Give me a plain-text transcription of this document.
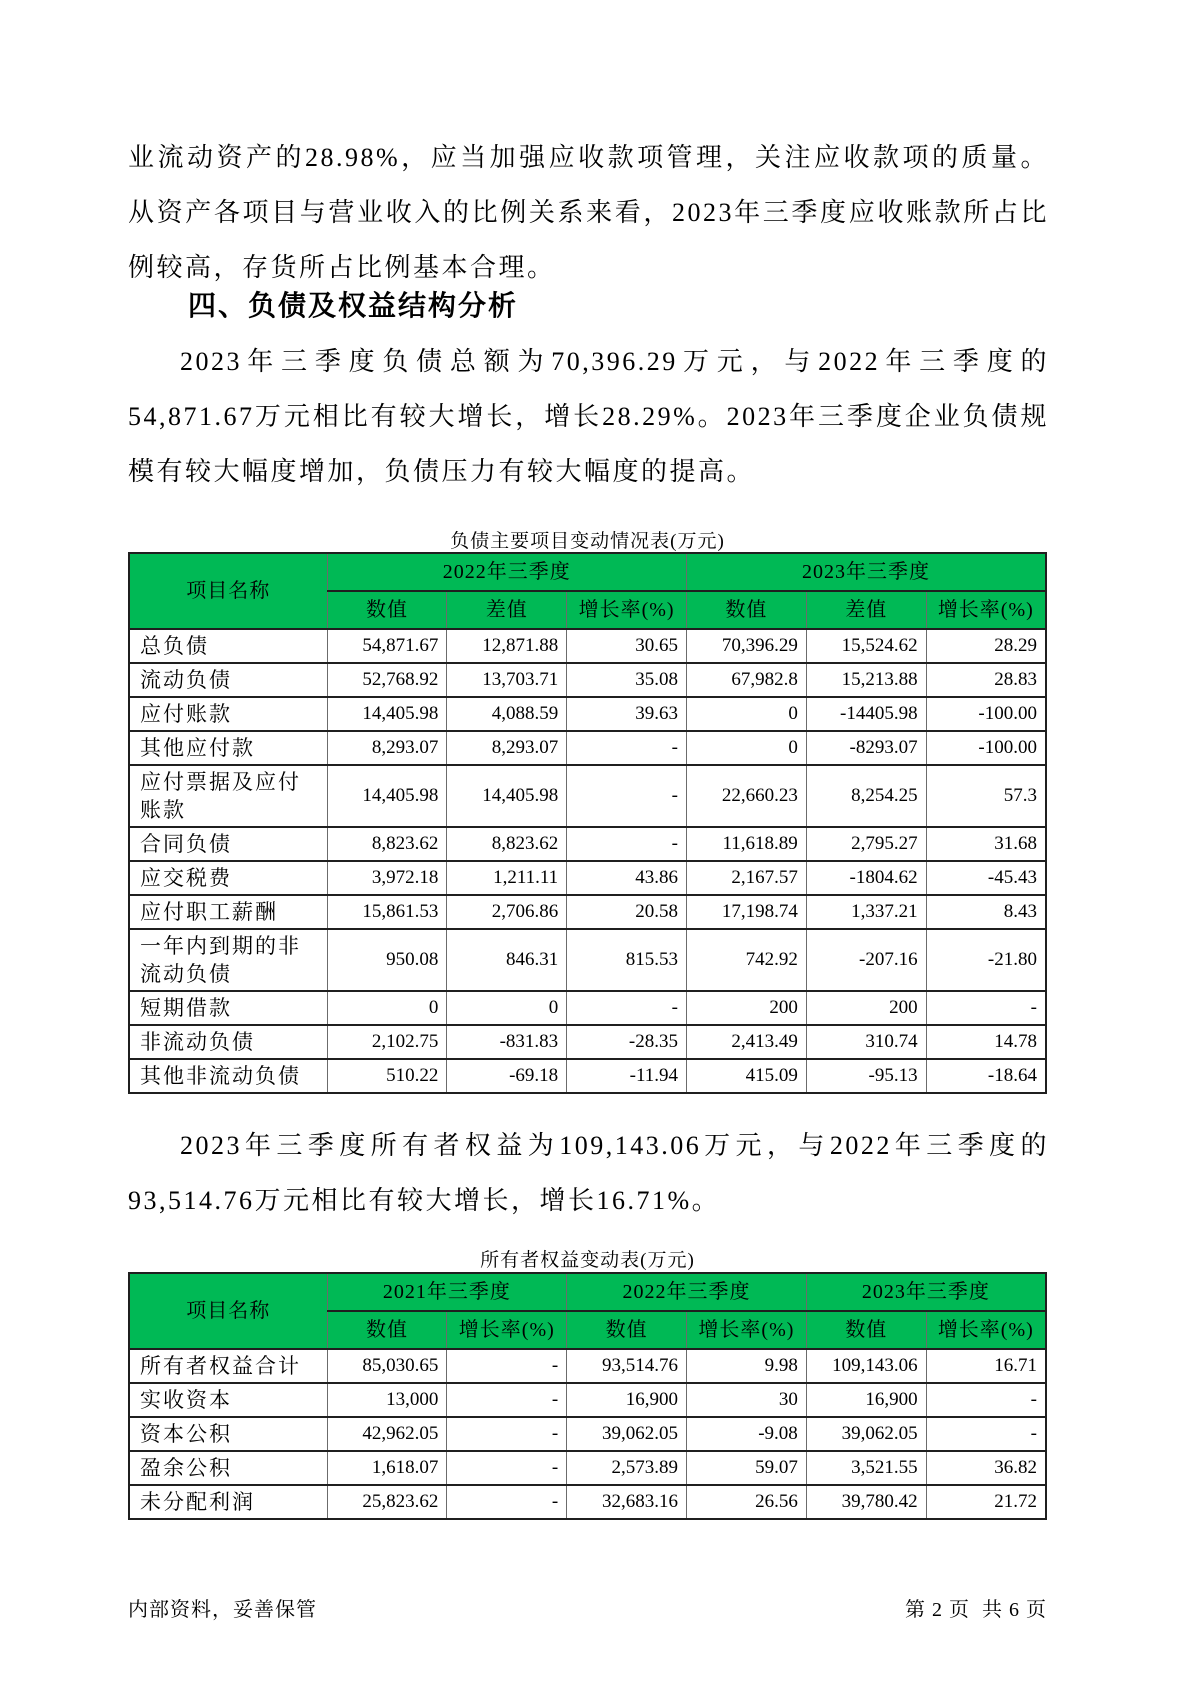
业流动资产的28.98%，应当加强应收款项管理，关注应收款项的质量。从资产各项目与营业收入的比例关系来看，2023年三季度应收账款所占比例较高，存货所占比例基本合理。

四、负债及权益结构分析

2023年三季度负债总额为70,396.29万元，与2022年三季度的54,871.67万元相比有较大增长，增长28.29%。2023年三季度企业负债规模有较大幅度增加，负债压力有较大幅度的提高。

负债主要项目变动情况表(万元)
项目名称	2022年三季度			2023年三季度		
	数值	差值	增长率(%)	数值	差值	增长率(%)
总负债	54,871.67	12,871.88	30.65	70,396.29	15,524.62	28.29
流动负债	52,768.92	13,703.71	35.08	67,982.8	15,213.88	28.83
应付账款	14,405.98	4,088.59	39.63	0	-14405.98	-100.00
其他应付款	8,293.07	8,293.07	-	0	-8293.07	-100.00
应付票据及应付账款	14,405.98	14,405.98	-	22,660.23	8,254.25	57.3
合同负债	8,823.62	8,823.62	-	11,618.89	2,795.27	31.68
应交税费	3,972.18	1,211.11	43.86	2,167.57	-1804.62	-45.43
应付职工薪酬	15,861.53	2,706.86	20.58	17,198.74	1,337.21	8.43
一年内到期的非流动负债	950.08	846.31	815.53	742.92	-207.16	-21.80
短期借款	0	0	-	200	200	-
非流动负债	2,102.75	-831.83	-28.35	2,413.49	310.74	14.78
其他非流动负债	510.22	-69.18	-11.94	415.09	-95.13	-18.64

2023年三季度所有者权益为109,143.06万元，与2022年三季度的93,514.76万元相比有较大增长，增长16.71%。

所有者权益变动表(万元)
项目名称	2021年三季度		2022年三季度		2023年三季度	
	数值	增长率(%)	数值	增长率(%)	数值	增长率(%)
所有者权益合计	85,030.65	-	93,514.76	9.98	109,143.06	16.71
实收资本	13,000	-	16,900	30	16,900	-
资本公积	42,962.05	-	39,062.05	-9.08	39,062.05	-
盈余公积	1,618.07	-	2,573.89	59.07	3,521.55	36.82
未分配利润	25,823.62	-	32,683.16	26.56	39,780.42	21.72
内部资料，妥善保管	第 2 页  共 6 页
